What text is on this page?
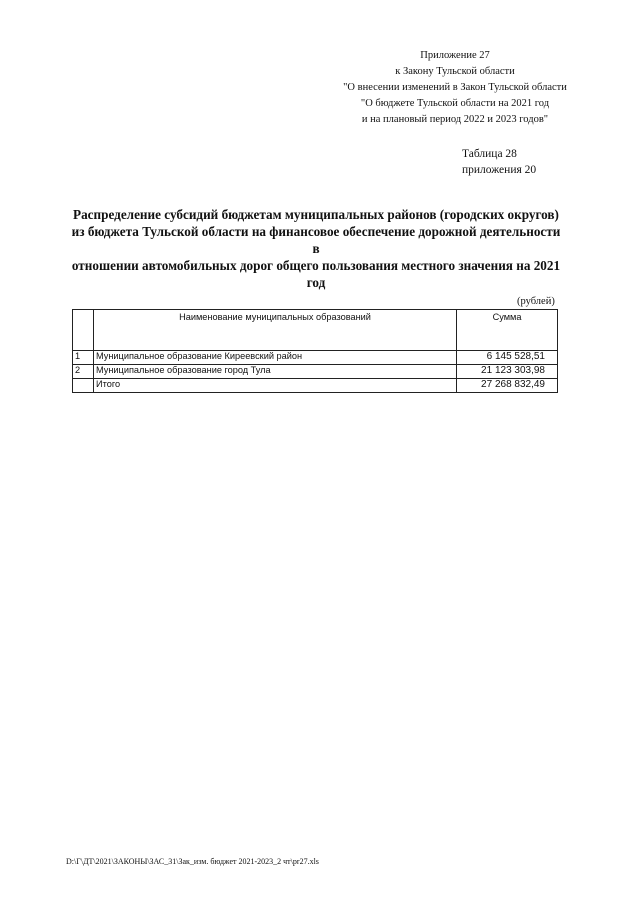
Приложение 27
к Закону Тульской области
"О внесении изменений в Закон Тульской области
"О бюджете Тульской области на 2021 год
и на плановый период 2022 и 2023 годов"
Таблица 28
приложения 20
Распределение субсидий бюджетам муниципальных районов (городских округов)
из бюджета Тульской области на финансовое обеспечение дорожной деятельности в
отношении автомобильных дорог общего пользования местного значения на 2021
год
(рублей)
	Наименование муниципальных образований	Сумма
1	Муниципальное образование Киреевский район	6 145 528,51
2	Муниципальное образование город Тула	21 123 303,98
	Итого	27 268 832,49
D:\Г\ДТ\2021\ЗАКОНЫ\ЗАС_31\Зак_изм. бюджет 2021-2023_2 чт\pr27.xls
